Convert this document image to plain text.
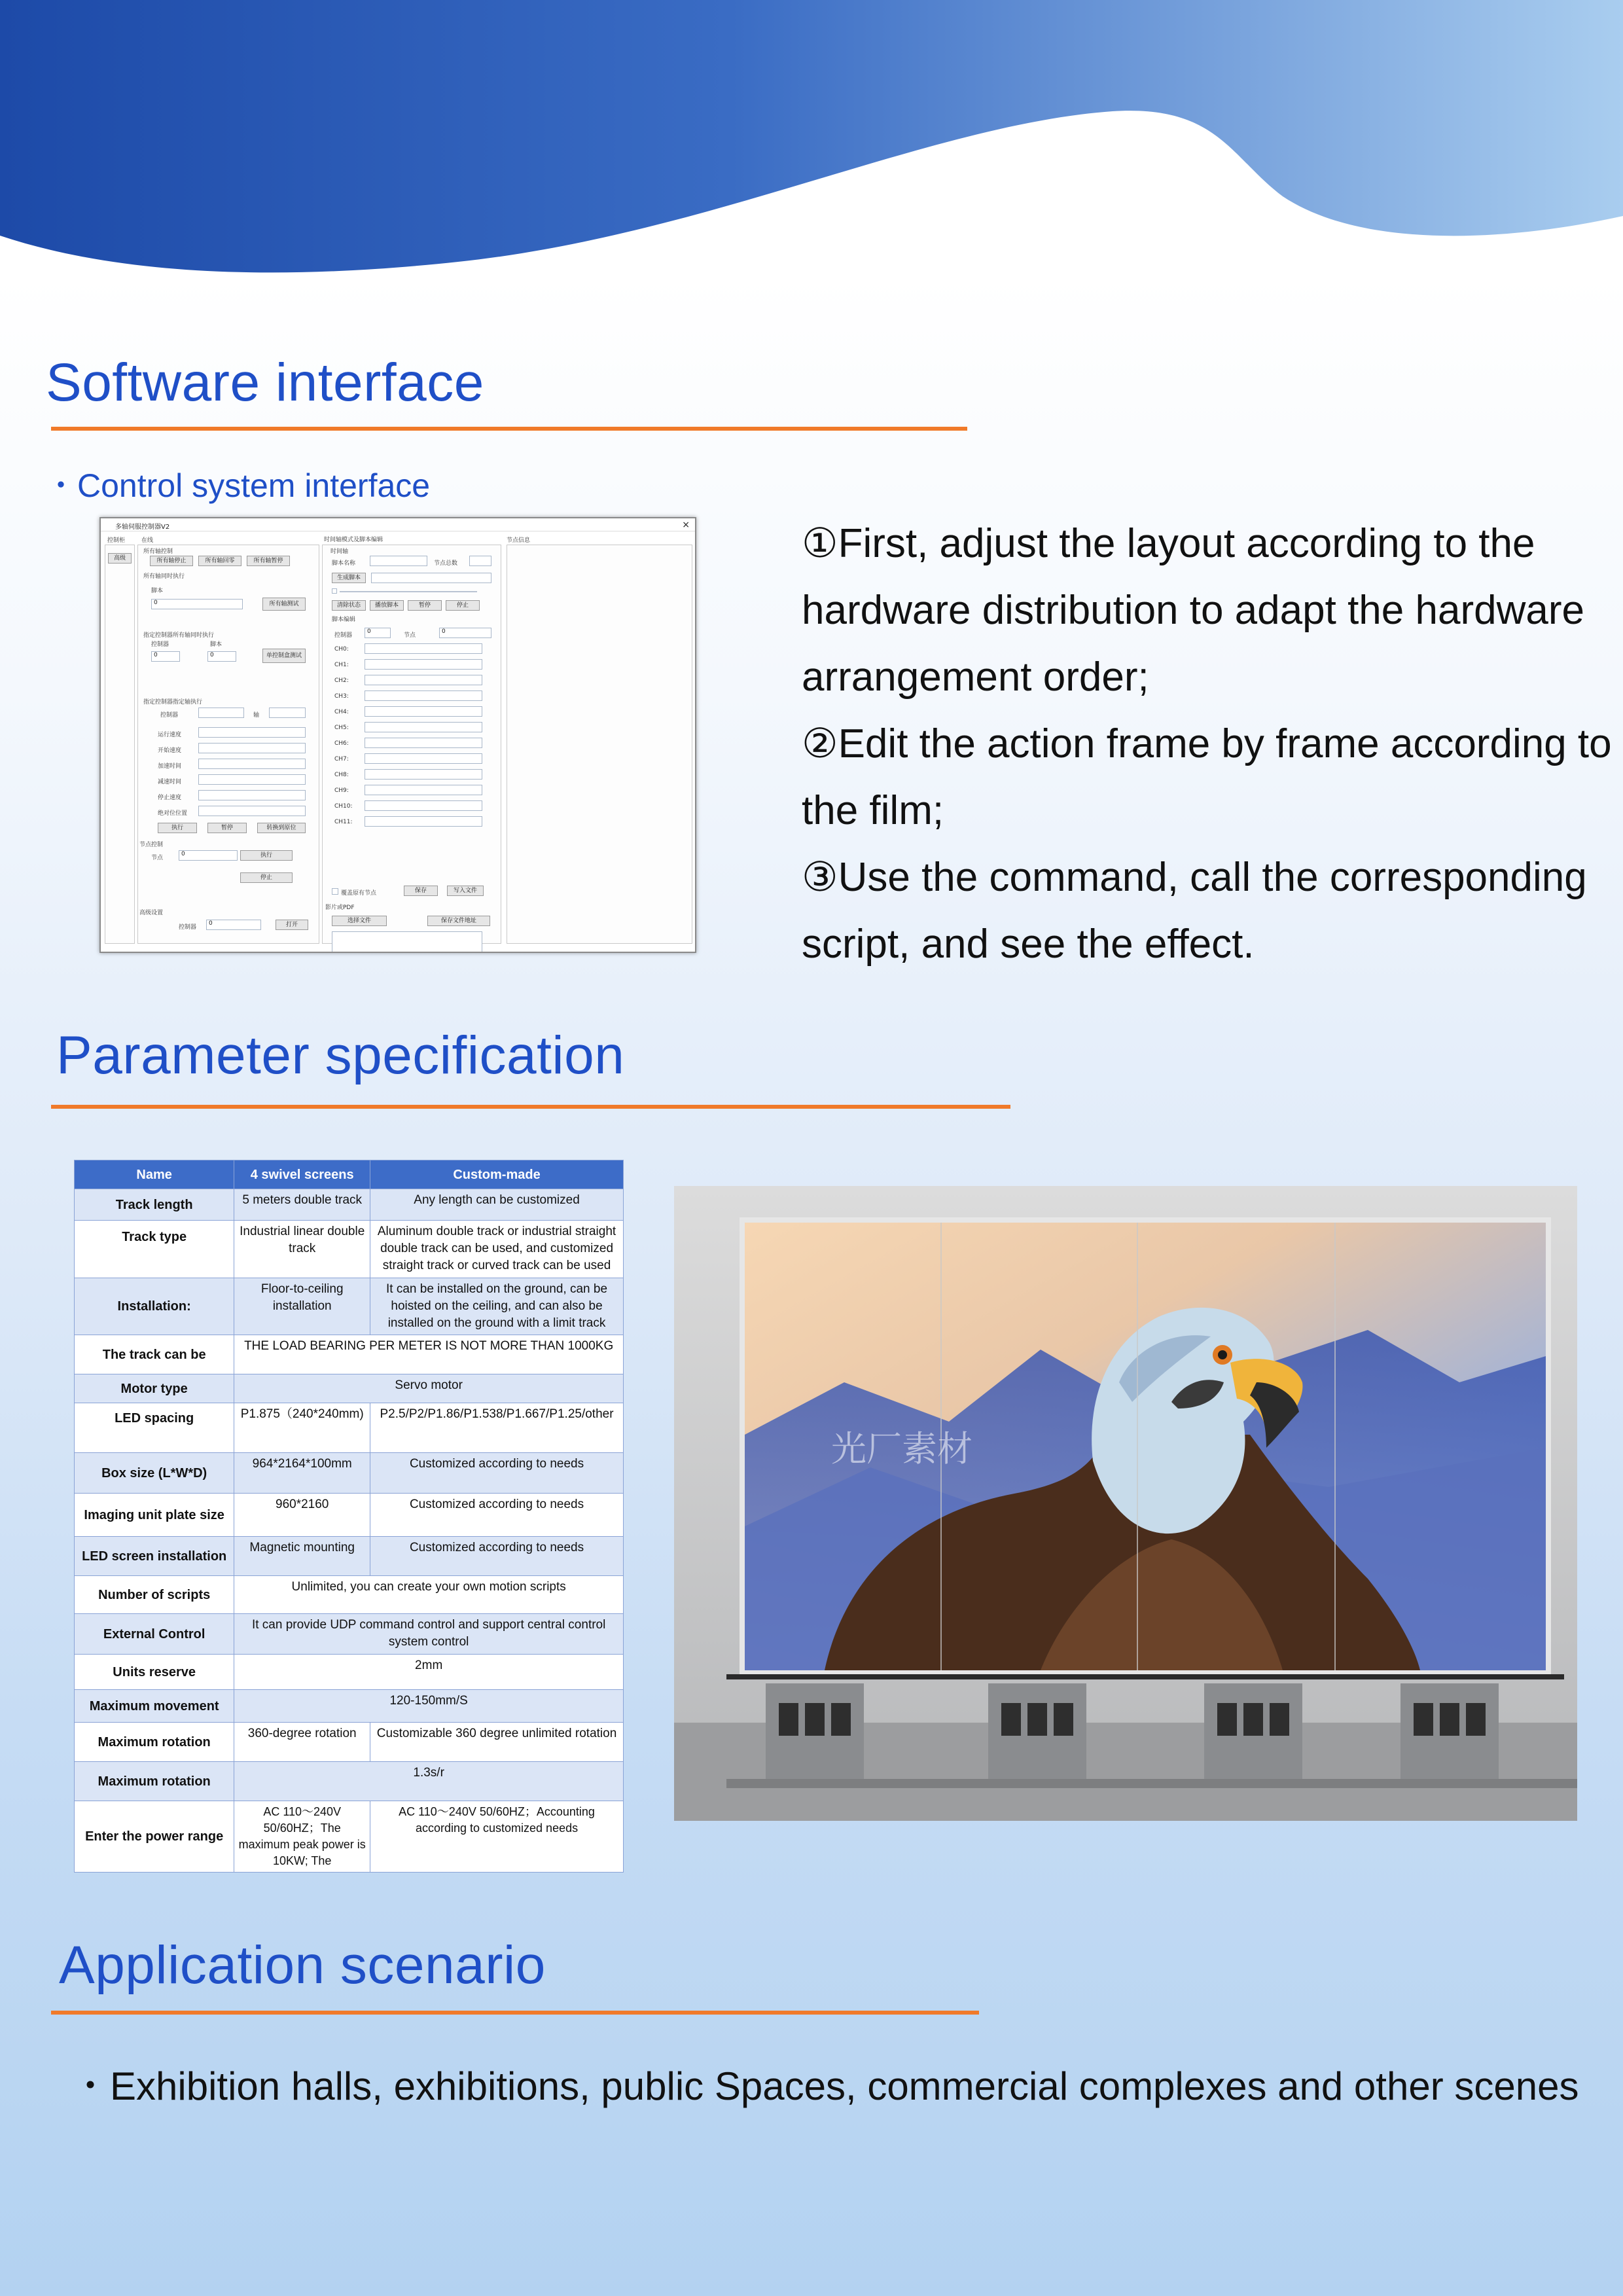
Software interface
・Control system interface
多轴伺服控制器V2	×
控制柜	在线
高级
所有轴控制
所有轴停止	所有轴回零	所有轴暂停
所有轴同时执行
脚本
0	所有轴测试
指定控制器所有轴同时执行
控制器	脚本
0	0	单控制盒测试
指定控制器指定轴执行
控制器	轴
运行速度
开始速度
加速时间
减速时间
停止速度
绝对位位置
执行	暂停	转换到原位
节点控制
节点
0	执行
停止
高级设置
控制器
0	打开
时间轴模式及脚本编辑
时间轴
脚本名称	节点总数
生成脚本
清除状态	播放脚本	暂停	停止
脚本编辑
控制器
0
节点
0
CH0:
CH1:
CH2:
CH3:
CH4:
CH5:
CH6:
CH7:
CH8:
CH9:
CH10:
CH11:
覆盖原有节点	保存	写入文件
影片或PDF
选择文件	保存文件地址
节点信息	①First, adjust the layout according to the hardware distribution to adapt the hardware arrangement order;

②Edit the action frame by frame according to the film;

③Use the command, call the corresponding script, and see the effect.

Parameter specification
Name	4 swivel screens	Custom-made
Track length	5 meters double track	Any length can be customized
Track type	Industrial linear double track	Aluminum double track or industrial straight double track can be used, and customized straight track or curved track can be used
Installation:	Floor-to-ceiling installation	It can be installed on the ground, can be hoisted on the ceiling, and can also be installed on the ground with a limit track
The track can be	THE LOAD BEARING PER METER IS NOT MORE THAN 1000KG	
Motor type	Servo motor	
LED spacing	P1.875（240*240mm)	P2.5/P2/P1.86/P1.538/P1.667/P1.25/other
Box size (L*W*D)	964*2164*100mm	Customized according to needs
Imaging unit plate size	960*2160	Customized according to needs
LED screen installation	Magnetic mounting	Customized according to needs
Number of scripts	Unlimited, you can create your own motion scripts	
External Control	It can provide UDP command control and support central control system control	
Units reserve	2mm	
Maximum movement	120-150mm/S	
Maximum rotation	360-degree rotation	Customizable 360 degree unlimited rotation
Maximum rotation	1.3s/r	
Enter the power range	AC 110～240V 50/60HZ；The maximum peak power is 10KW; The	AC 110～240V 50/60HZ；Accounting according to customized needs
光厂素材
Application scenario
・Exhibition halls, exhibitions, public Spaces, commercial complexes and other scenes
